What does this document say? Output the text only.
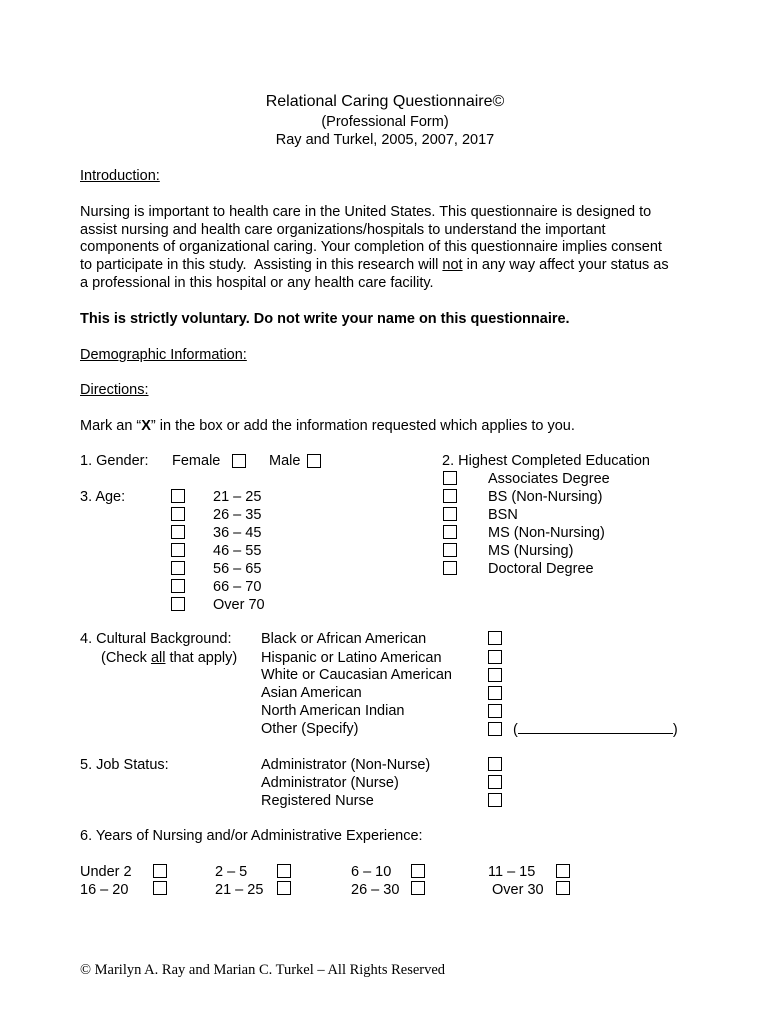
Relational Caring Questionnaire©
(Professional Form)
Ray and Turkel, 2005, 2007, 2017
Introduction:
Nursing is important to health care in the United States. This questionnaire is designed to
assist nursing and health care organizations/hospitals to understand the important
components of organizational caring. Your completion of this questionnaire implies consent
to participate in this study.  Assisting in this research will not in any way affect your status as
a professional in this hospital or any health care facility.
This is strictly voluntary. Do not write your name on this questionnaire.
Demographic Information:
Directions:
Mark an “X” in the box or add the information requested which applies to you.
1. Gender: Female	Male	2. Highest Completed Education
Associates Degree
BS (Non-Nursing)
BSN
MS (Non-Nursing)
MS (Nursing)
Doctoral Degree
3. Age:	21 – 25
26 – 35
36 – 45
46 – 55
56 – 65
66 – 70
Over 70
4. Cultural Background:
(Check all that apply)
Black or African American
Hispanic or Latino American
White or Caucasian American
Asian American
North American Indian
Other (Specify)	(	)
5. Job Status:	Administrator (Non-Nurse)
Administrator (Nurse)
Registered Nurse
6. Years of Nursing and/or Administrative Experience:
Under 2	2 – 5	6 – 10	11 – 15
16 – 20	21 – 25	26 – 30	Over 30
© Marilyn A. Ray and Marian C. Turkel – All Rights Reserved
